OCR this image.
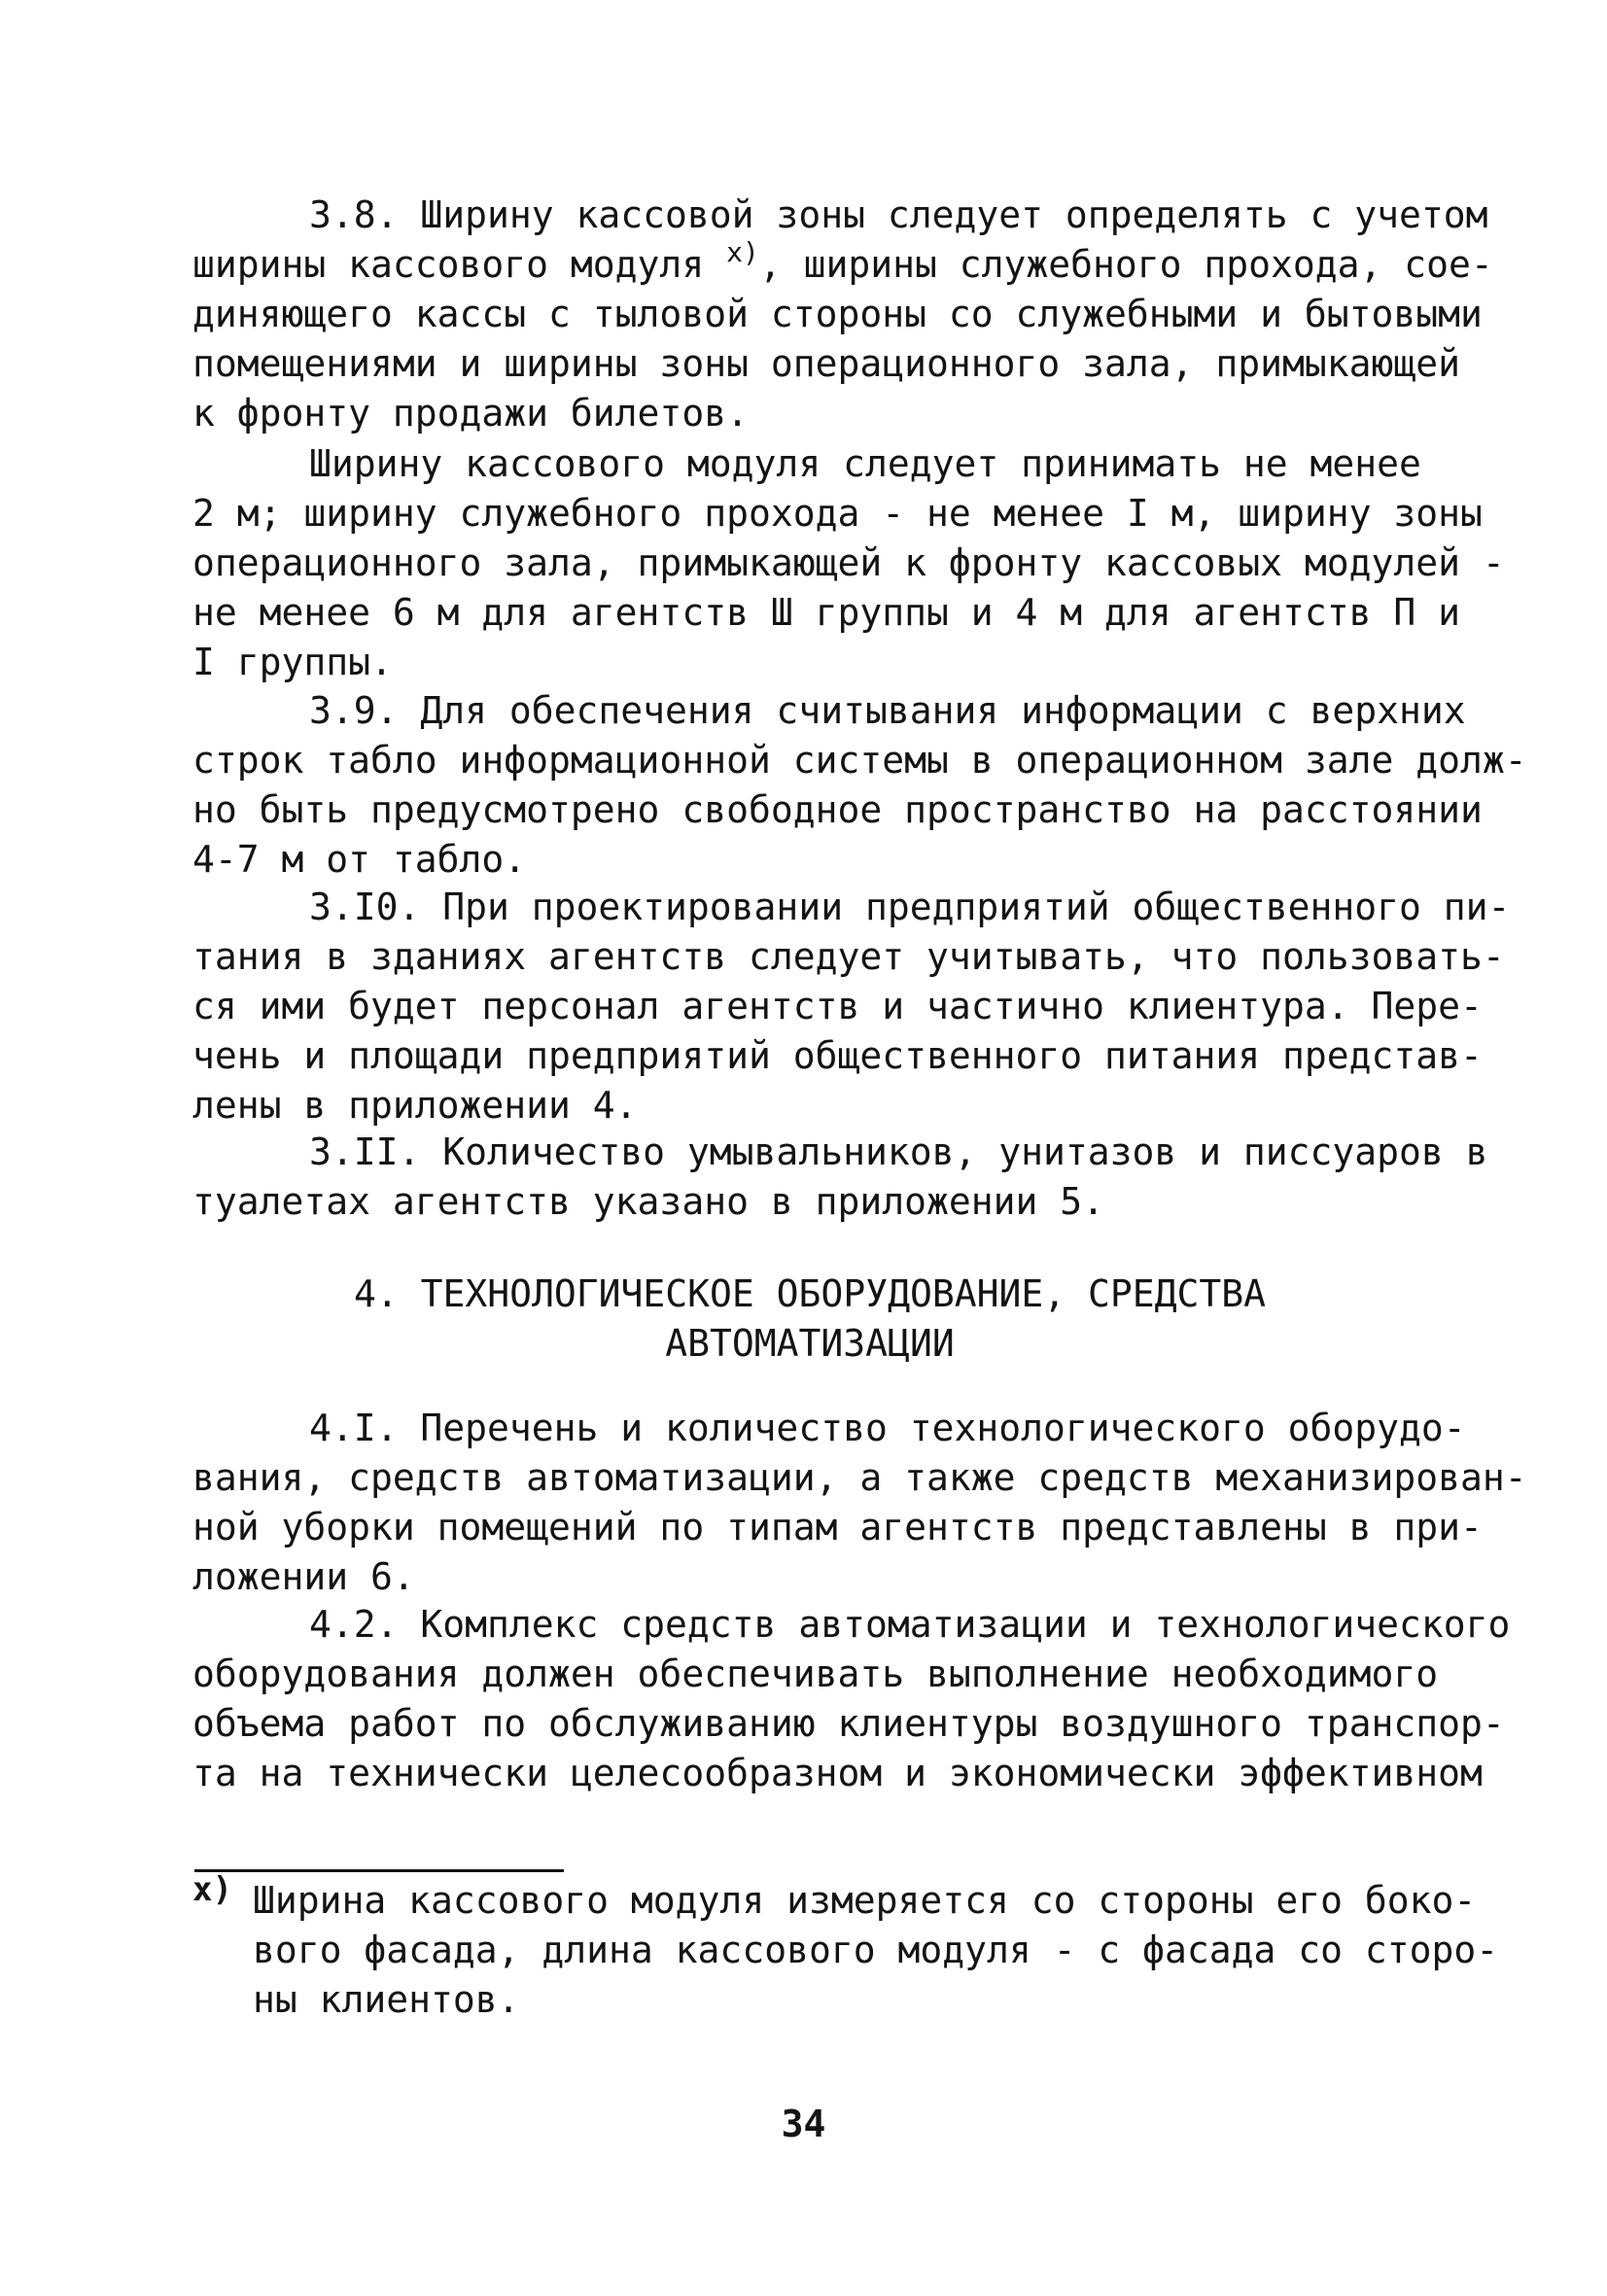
3.8. Ширину кассовой зоны следует определять с учетом
ширины кассового модуля $^{x)}$, ширины служебного прохода, сое-
диняющего кассы с тыловой стороны со служебными и бытовыми
помещениями и ширины зоны операционного зала, примыкающей
к фронту продажи билетов.
Ширину кассового модуля следует принимать не менее
2 м; ширину служебного прохода - не менее I м, ширину зоны
операционного зала, примыкающей к фронту кассовых модулей -
не менее 6 м для агентств Ш группы и 4 м для агентств П и
I группы.
3.9. Для обеспечения считывания информации с верхних
строк табло информационной системы в операционном зале долж-
но быть предусмотрено свободное пространство на расстоянии
4-7 м от табло.
3.I0. При проектировании предприятий общественного пи-
тания в зданиях агентств следует учитывать, что пользовать-
ся ими будет персонал агентств и частично клиентура. Пере-
чень и площади предприятий общественного питания представ-
лены в приложении 4.
3.II. Количество умывальников, унитазов и писсуаров в
туалетах агентств указано в приложении 5.
4. ТЕХНОЛОГИЧЕСКОЕ ОБОРУДОВАНИЕ, СРЕДСТВА
АВТОМАТИЗАЦИИ
4.I. Перечень и количество технологического оборудо-
вания, средств автоматизации, а также средств механизирован-
ной уборки помещений по типам агентств представлены в при-
ложении 6.
4.2. Комплекс средств автоматизации и технологического
оборудования должен обеспечивать выполнение необходимого
объема работ по обслуживанию клиентуры воздушного транспор-
та на технически целесообразном и экономически эффективном
x) Ширина кассового модуля измеряется со стороны его боко-
вого фасада, длина кассового модуля - с фасада со сторо-
ны клиентов.
34
